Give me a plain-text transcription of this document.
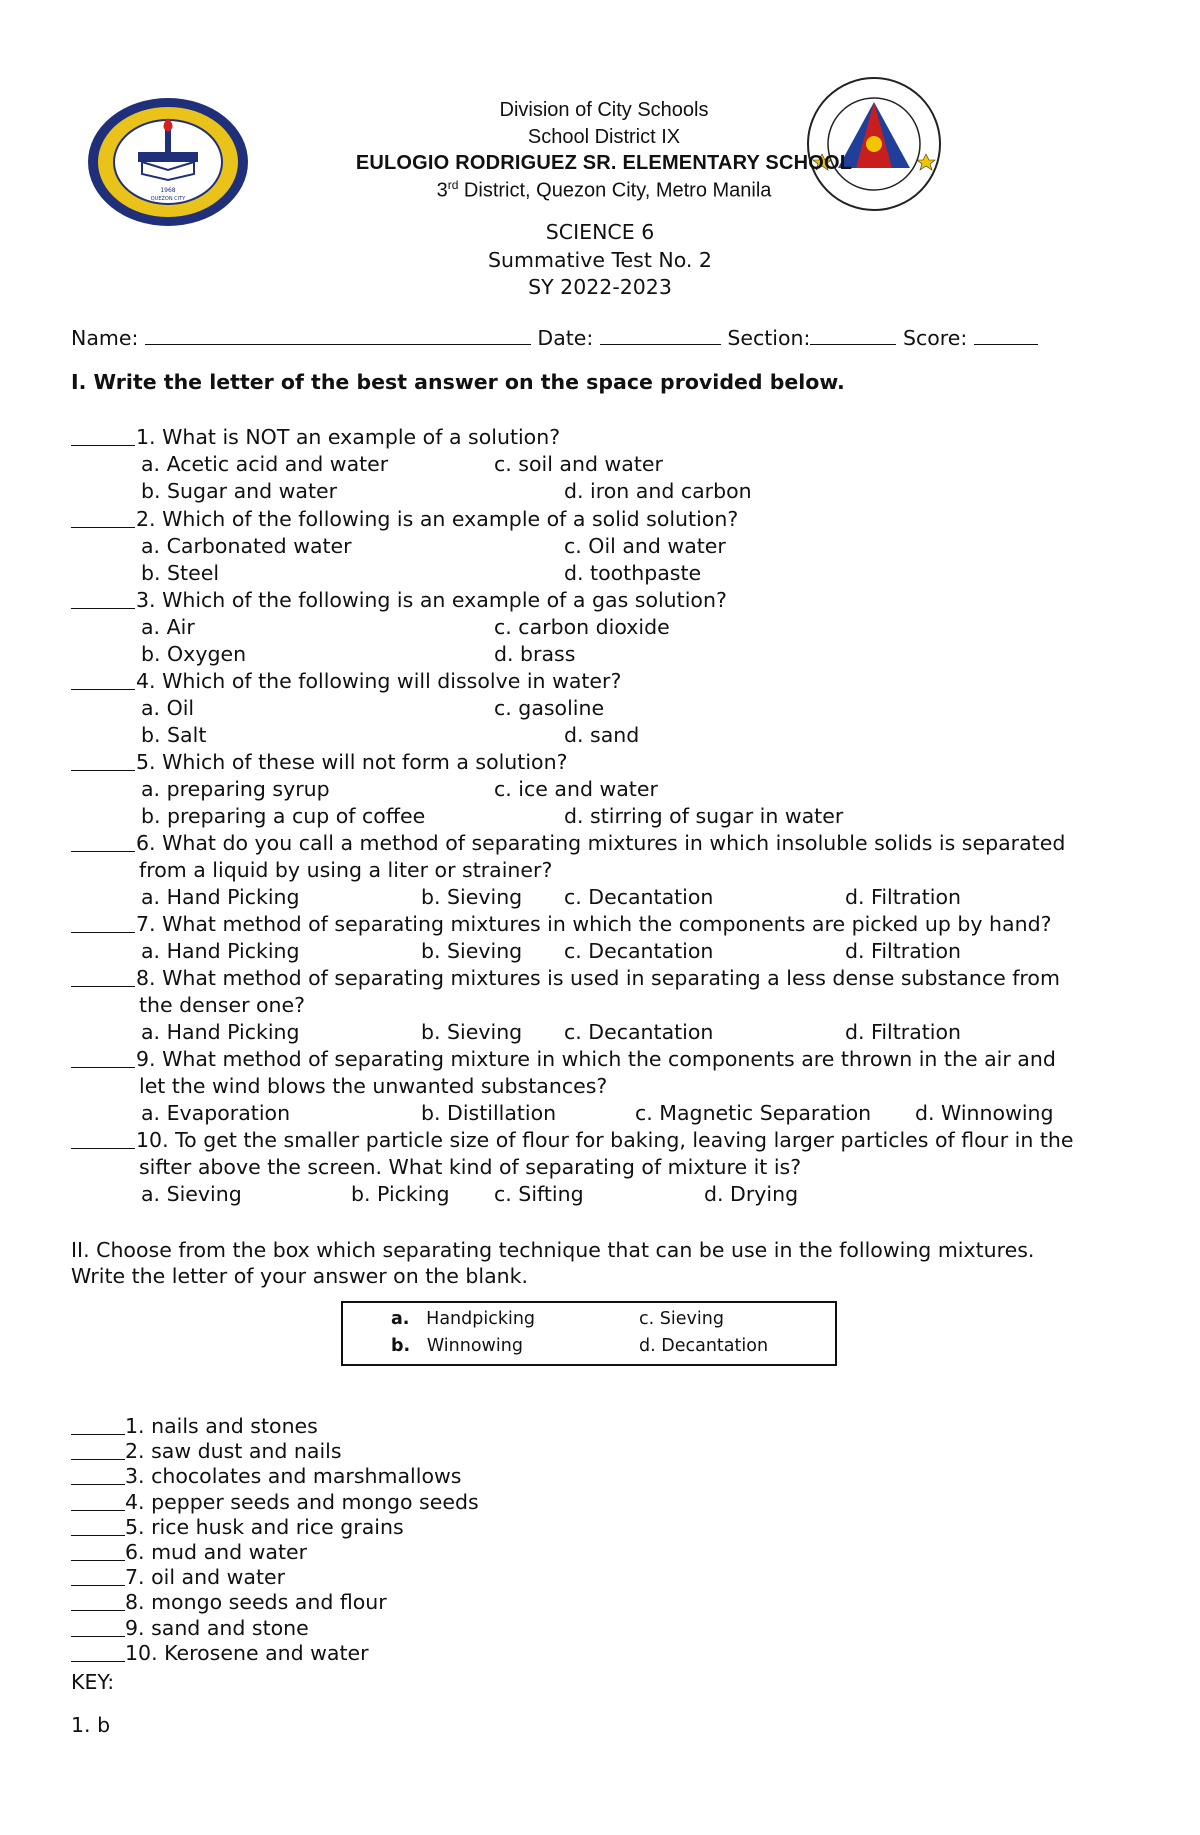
1968
QUEZON CITY
Division of City Schools
School District IX
EULOGIO RODRIGUEZ SR. ELEMENTARY SCHOOL
3rd District, Quezon City, Metro Manila
SCIENCE 6
Summative Test No. 2
SY 2022-2023
Name:	Date:	Section:	Score:
I. Write the letter of the best answer on the space provided below.
1. What is NOT an example of a solution?
a. Acetic acid and water	c. soil and water
b. Sugar and water	d. iron and carbon
2. Which of the following is an example of a solid solution?
a. Carbonated water	c. Oil and water
b. Steel	d. toothpaste
3. Which of the following is an example of a gas solution?
a. Air	c. carbon dioxide
b. Oxygen	d. brass
4. Which of the following will dissolve in water?
a. Oil	c. gasoline
b. Salt	d. sand
5. Which of these will not form a solution?
a. preparing syrup	c. ice and water
b. preparing a cup of coffee	d. stirring of sugar in water
6. What do you call a method of separating mixtures in which insoluble solids is separated
from a liquid by using a liter or strainer?
a. Hand Picking	b. Sieving c. Decantation	d. Filtration
7. What method of separating mixtures in which the components are picked up by hand?
a. Hand Picking	b. Sieving c. Decantation	d. Filtration
8. What method of separating mixtures is used in separating a less dense substance from
the denser one?
a. Hand Picking	b. Sieving c. Decantation	d. Filtration
9. What method of separating mixture in which the components are thrown in the air and
let the wind blows the unwanted substances?
a. Evaporation	b. Distillation	c. Magnetic Separation d. Winnowing
10. To get the smaller particle size of flour for baking, leaving larger particles of flour in the
sifter above the screen. What kind of separating of mixture it is?
a. Sieving	b. Picking c. Sifting	d. Drying
II. Choose from the box which separating technique that can be use in the following mixtures.
Write the letter of your answer on the blank.
a. Handpicking	c. Sieving
b. Winnowing	d. Decantation
1. nails and stones
2. saw dust and nails
3. chocolates and marshmallows
4. pepper seeds and mongo seeds
5. rice husk and rice grains
6. mud and water
7. oil and water
8. mongo seeds and flour
9. sand and stone
10. Kerosene and water
KEY:
1. b
